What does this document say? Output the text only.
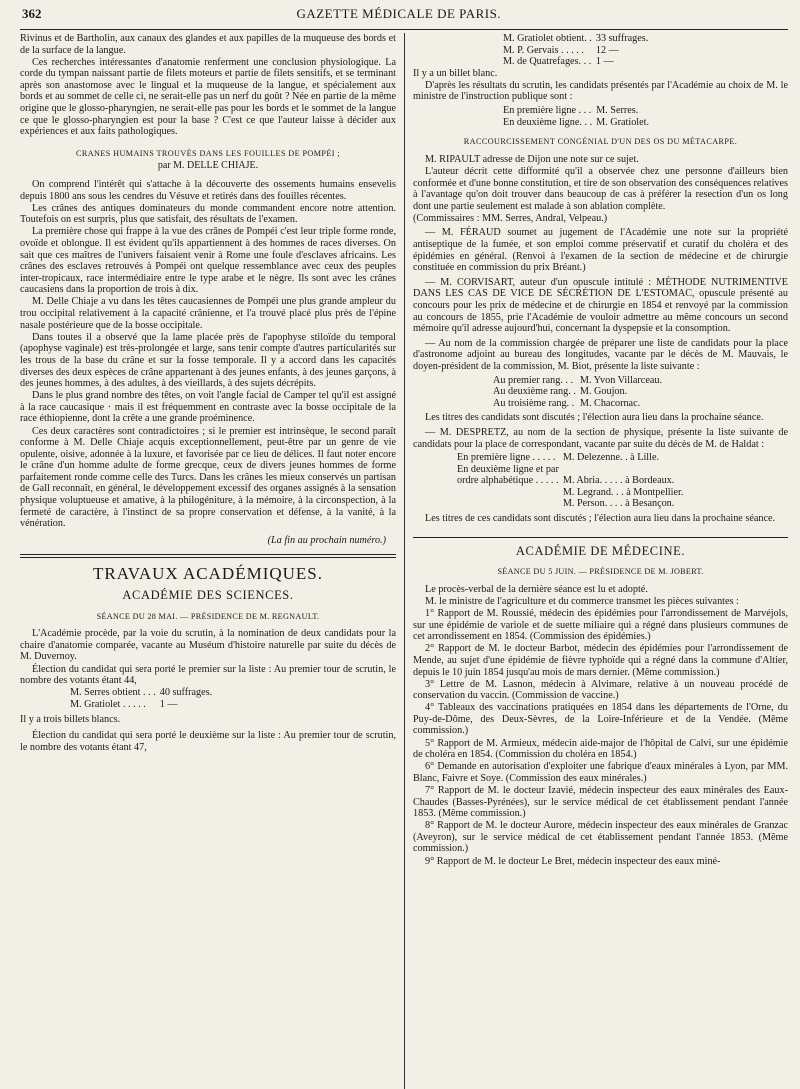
362	GAZETTE MÉDICALE DE PARIS.

Rivinus et de Bartholin, aux canaux des glandes et aux papilles de la muqueuse des bords et de la surface de la langue.

Ces recherches intéressantes d'anatomie renferment une conclusion physiologique. La corde du tympan naissant partie de filets moteurs et partie de filets sensitifs, et se terminant après son anastomose avec le lingual et la muqueuse de la langue, et spécialement aux bords et au sommet de celle ci, ne serait-elle pas un nerf du goût ? Née en partie de la même origine que le glosso-pharyngien, ne serait-elle pas pour les bords et le sommet de la langue ce que le glosso-pharyngien est pour la base ? C'est ce que l'auteur laisse à décider aux expériences et aux faits pathologiques.

CRANES HUMAINS TROUVÉS DANS LES FOUILLES DE POMPÉI ;
par M. DELLE CHIAJE.

On comprend l'intérêt qui s'attache à la découverte des ossements humains ensevelis depuis 1800 ans sous les cendres du Vésuve et retirés dans des fouilles récentes.

Les crânes des antiques dominateurs du monde commandent encore notre attention. Toutefois on est surpris, plus que satisfait, des résultats de l'examen.

La première chose qui frappe à la vue des crânes de Pompéi c'est leur triple forme ronde, ovoïde et oblongue. Il est évident qu'ils appartiennent à des hommes de races diverses. On sait que ces maîtres de l'univers faisaient venir à Rome une foule d'esclaves africains. Les crânes des esclaves retrouvés à Pompéi ont quelque ressemblance avec ceux des peuples inter-tropicaux, race intermédiaire entre le type arabe et le nègre. Ils sont avec les crânes caucasiens dans la proportion de trois à dix.

M. Delle Chiaje a vu dans les têtes caucasiennes de Pompéi une plus grande ampleur du trou occipital relativement à la capacité crânienne, et l'a trouvé placé plus près de l'épine nasale postérieure que de la bosse occipitale.

Dans toutes il a observé que la lame placée près de l'apophyse stiloïde du temporal (apophyse vaginale) est très-prolongée et large, sans tenir compte d'autres particularités sur les trous de la base du crâne et sur la fosse temporale. Il y a accord dans les capacités diverses des deux espèces de crâne appartenant à des jeunes enfants, à des jeunes garçons, à des jeunes hommes, à des adultes, à des vieillards, à des sujets décrépits.

Dans le plus grand nombre des têtes, on voit l'angle facial de Camper tel qu'il est assigné à la race caucasique · mais il est fréquemment en contraste avec la bosse occipitale de la race éthiopienne, dont la crête a une grande proéminence.

Ces deux caractères sont contradictoires ; si le premier est intrinsèque, le second paraît conforme à M. Delle Chiaje acquis exceptionnellement, peut-être par un genre de vie opulente, oisive, adonnée à la luxure, et favorisée par ce lieu de délices. Il faut noter encore le crâne d'un homme adulte de forme grecque, ceux de divers jeunes hommes de forme parfaitement ronde comme celle des Turcs. Dans les crânes les mieux conservés un partisan de Gall reconnaît, en général, le développement excessif des organes assignés à la sensation physique voluptueuse et amative, à la philogéniture, à la mémoire, à la circonspection, à la fermeté de caractère, à l'instinct de sa propre conservation et défense, à la vanité, à la vénération.

(La fin au prochain numéro.)
TRAVAUX ACADÉMIQUES.
ACADÉMIE DES SCIENCES.
SÉANCE DU 28 MAI. — PRÉSIDENCE DE M. REGNAULT.

L'Académie procède, par la voie du scrutin, à la nomination de deux candidats pour la chaire d'anatomie comparée, vacante au Muséum d'histoire naturelle par suite du décès de M. Duvernoy.

Élection du candidat qui sera porté le premier sur la liste : Au premier tour de scrutin, le nombre des votants étant 44,

M. Serres obtient . . .	40 suffrages.
M. Gratiolet . . . . .	1 —

Il y a trois billets blancs.

Élection du candidat qui sera porté le deuxième sur la liste : Au premier tour de scrutin, le nombre des votants étant 47,

M. Gratiolet obtient. .	33 suffrages.
M. P. Gervais . . . . .	12 —
M. de Quatrefages. . .	1 —

Il y a un billet blanc.

D'après les résultats du scrutin, les candidats présentés par l'Académie au choix de M. le ministre de l'instruction publique sont :

En première ligne . . .	M. Serres.
En deuxième ligne. . .	M. Gratiolet.
RACCOURCISSEMENT CONGÉNIAL D'UN DES OS DU MÉTACARPE.

M. RIPAULT adresse de Dijon une note sur ce sujet.

L'auteur décrit cette difformité qu'il a observée chez une personne d'ailleurs bien conformée et d'une bonne constitution, et tire de son observation des conséquences relatives à l'avantage qu'on doit trouver dans beaucoup de cas à préférer la resection d'un os long dont une partie seulement est malade à son ablation complète.

(Commissaires : MM. Serres, Andral, Velpeau.)

— M. FÉRAUD soumet au jugement de l'Académie une note sur la propriété antiseptique de la fumée, et son emploi comme préservatif et curatif du choléra et des épidémies en général. (Renvoi à l'examen de la section de médecine et de chirurgie constituée en commission du prix Bréant.)

— M. CORVISART, auteur d'un opuscule intitulé : MÉTHODE NUTRIMENTIVE DANS LES CAS DE VICE DE SÉCRÉTION DE L'ESTOMAC, opuscule présenté au concours pour les prix de médecine et de chirurgie en 1854 et renvoyé par la commission au concours de 1855, prie l'Académie de vouloir admettre au même concours un second mémoire qu'il adresse aujourd'hui, concernant la dyspepsie et la consomption.

— Au nom de la commission chargée de préparer une liste de candidats pour la place d'astronome adjoint au bureau des longitudes, vacante par le décès de M. Mauvais, le doyen-président de la commission, M. Biot, présente la liste suivante :

Au premier rang. . .	M. Yvon Villarceau.
Au deuxième rang. .	M. Goujon.
Au troisième rang. .	M. Chacornac.

Les titres des candidats sont discutés ; l'élection aura lieu dans la prochaine séance.

— M. DESPRETZ, au nom de la section de physique, présente la liste suivante de candidats pour la place de correspondant, vacante par suite du décès de M. de Haldat :

En première ligne . . . . .	M. Delezenne. . à Lille.
En deuxième ligne et par	
ordre alphabétique . . . . .	M. Abria. . . . . à Bordeaux.
	M. Legrand. . . à Montpellier.
	M. Person. . . . à Besançon.

Les titres de ces candidats sont discutés ; l'élection aura lieu dans la prochaine séance.

ACADÉMIE DE MÉDECINE.
SÉANCE DU 5 JUIN. — PRÉSIDENCE DE M. JOBERT.

Le procès-verbal de la dernière séance est lu et adopté.

M. le ministre de l'agriculture et du commerce transmet les pièces suivantes :

1° Rapport de M. Roussié, médecin des épidémies pour l'arrondissement de Marvéjols, sur une épidémie de variole et de suette miliaire qui a régné dans plusieurs communes de cet arrondissement en 1854. (Commission des épidémies.)

2° Rapport de M. le docteur Barbot, médecin des épidémies pour l'arrondissement de Mende, au sujet d'une épidémie de fièvre typhoïde qui a régné dans la commune d'Altier, depuis le 10 juin 1854 jusqu'au mois de mars dernier. (Même commission.)

3° Lettre de M. Lasnon, médecin à Alvimare, relative à un nouveau procédé de conservation du vaccin. (Commission de vaccine.)

4° Tableaux des vaccinations pratiquées en 1854 dans les départements de l'Orne, du Puy-de-Dôme, des Deux-Sèvres, de la Loire-Inférieure et de la Vendée. (Même commission.)

5° Rapport de M. Armieux, médecin aide-major de l'hôpital de Calvi, sur une épidémie de choléra en 1854. (Commission du choléra en 1854.)

6° Demande en autorisation d'exploiter une fabrique d'eaux minérales à Lyon, par MM. Blanc, Faivre et Soye. (Commission des eaux minérales.)

7° Rapport de M. le docteur Izavié, médecin inspecteur des eaux minérales des Eaux-Chaudes (Basses-Pyrénées), sur le service médical de cet établissement pendant l'année 1853. (Même commission.)

8° Rapport de M. le docteur Aurore, médecin inspecteur des eaux minérales de Granzac (Aveyron), sur le service médical de cet établissement pendant l'année 1853. (Même commission.)

9° Rapport de M. le docteur Le Bret, médecin inspecteur des eaux miné-
